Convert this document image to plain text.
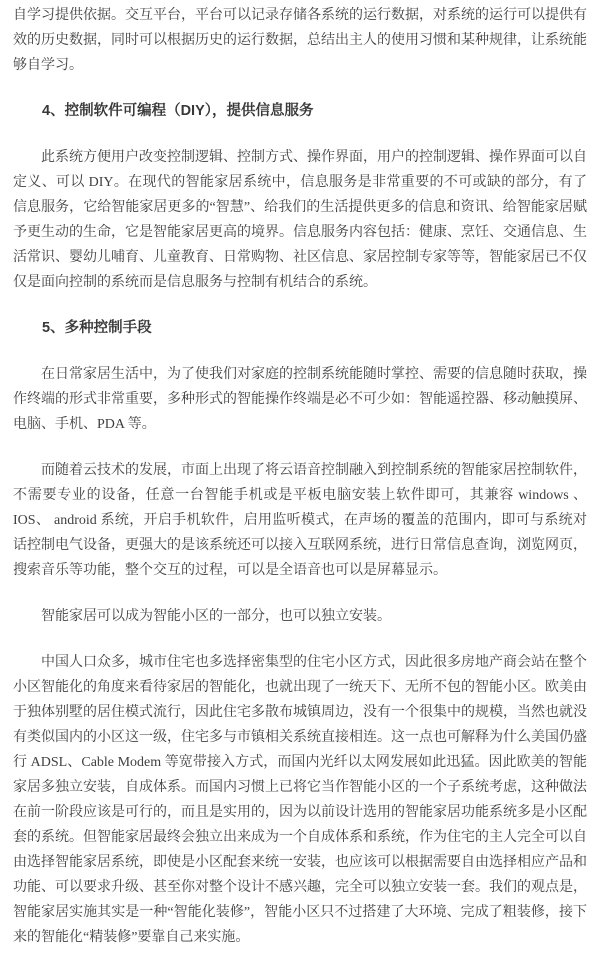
自学习提供依据。交互平台，平台可以记录存储各系统的运行数据，对系统的运行可以提供有效的历史数据，同时可以根据历史的运行数据，总结出主人的使用习惯和某种规律，让系统能够自学习。

4、控制软件可编程（DIY），提供信息服务

此系统方便用户改变控制逻辑、控制方式、操作界面，用户的控制逻辑、操作界面可以自定义、可以 DIY。在现代的智能家居系统中，信息服务是非常重要的不可或缺的部分，有了信息服务，它给智能家居更多的“智慧”、给我们的生活提供更多的信息和资讯、给智能家居赋予更生动的生命，它是智能家居更高的境界。信息服务内容包括：健康、烹饪、交通信息、生活常识、婴幼儿哺育、儿童教育、日常购物、社区信息、家居控制专家等等，智能家居已不仅仅是面向控制的系统而是信息服务与控制有机结合的系统。

5、多种控制手段

在日常家居生活中，为了使我们对家庭的控制系统能随时掌控、需要的信息随时获取，操作终端的形式非常重要，多种形式的智能操作终端是必不可少如：智能遥控器、移动触摸屏、电脑、手机、PDA 等。

而随着云技术的发展，市面上出现了将云语音控制融入到控制系统的智能家居控制软件，不需要专业的设备，任意一台智能手机或是平板电脑安装上软件即可，其兼容 windows 、IOS、 android 系统，开启手机软件，启用监听模式，在声场的覆盖的范围内，即可与系统对话控制电气设备，更强大的是该系统还可以接入互联网系统，进行日常信息查询，浏览网页，搜索音乐等功能，整个交互的过程，可以是全语音也可以是屏幕显示。

智能家居可以成为智能小区的一部分，也可以独立安装。

中国人口众多，城市住宅也多选择密集型的住宅小区方式，因此很多房地产商会站在整个小区智能化的角度来看待家居的智能化，也就出现了一统天下、无所不包的智能小区。欧美由于独体别墅的居住模式流行，因此住宅多散布城镇周边，没有一个很集中的规模，当然也就没有类似国内的小区这一级，住宅多与市镇相关系统直接相连。这一点也可解释为什么美国仍盛行 ADSL、Cable Modem 等宽带接入方式，而国内光纤以太网发展如此迅猛。因此欧美的智能家居多独立安装，自成体系。而国内习惯上已将它当作智能小区的一个子系统考虑，这种做法在前一阶段应该是可行的，而且是实用的，因为以前设计选用的智能家居功能系统多是小区配套的系统。但智能家居最终会独立出来成为一个自成体系和系统，作为住宅的主人完全可以自由选择智能家居系统，即使是小区配套来统一安装，也应该可以根据需要自由选择相应产品和功能、可以要求升级、甚至你对整个设计不感兴趣，完全可以独立安装一套。我们的观点是，智能家居实施其实是一种“智能化装修”，智能小区只不过搭建了大环境、完成了粗装修，接下来的智能化“精装修”要靠自己来实施。
